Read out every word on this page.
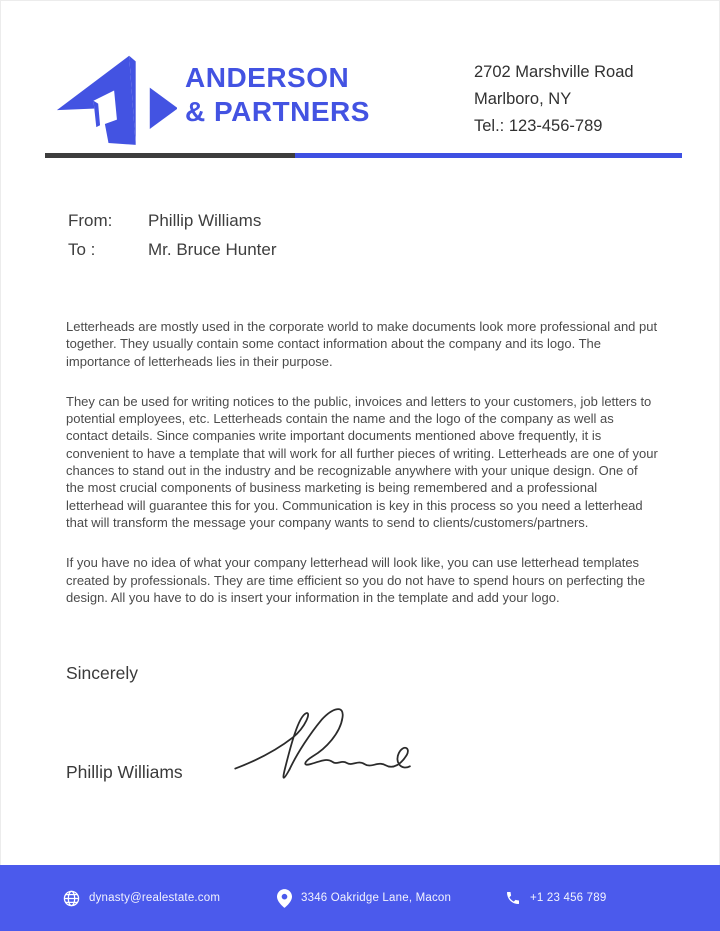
ANDERSON
& PARTNERS
2702 Marshville Road
Marlboro, NY
Tel.: 123-456-789
From:	Phillip Williams
To :	Mr. Bruce Hunter

Letterheads are mostly used in the corporate world to make documents look more professional and put together. They usually contain some contact information about the company and its logo. The importance of letterheads lies in their purpose.

They can be used for writing notices to the public, invoices and letters to your customers, job letters to potential employees, etc. Letterheads contain the name and the logo of the company as well as contact details. Since companies write important documents mentioned above frequently, it is convenient to have a template that will work for all further pieces of writing. Letterheads are one of your chances to stand out in the industry and be recognizable anywhere with your unique design. One of the most crucial components of business marketing is being remembered and a professional letterhead will guarantee this for you. Communication is key in this process so you need a letterhead that will transform the message your company wants to send to clients/customers/partners.

If you have no idea of what your company letterhead will look like, you can use letterhead templates created by professionals. They are time efficient so you do not have to spend hours on perfecting the design. All you have to do is insert your information in the template and add your logo.

Sincerely
Phillip Williams
dynasty@realestate.com	3346 Oakridge Lane, Macon	+1 23 456 789
